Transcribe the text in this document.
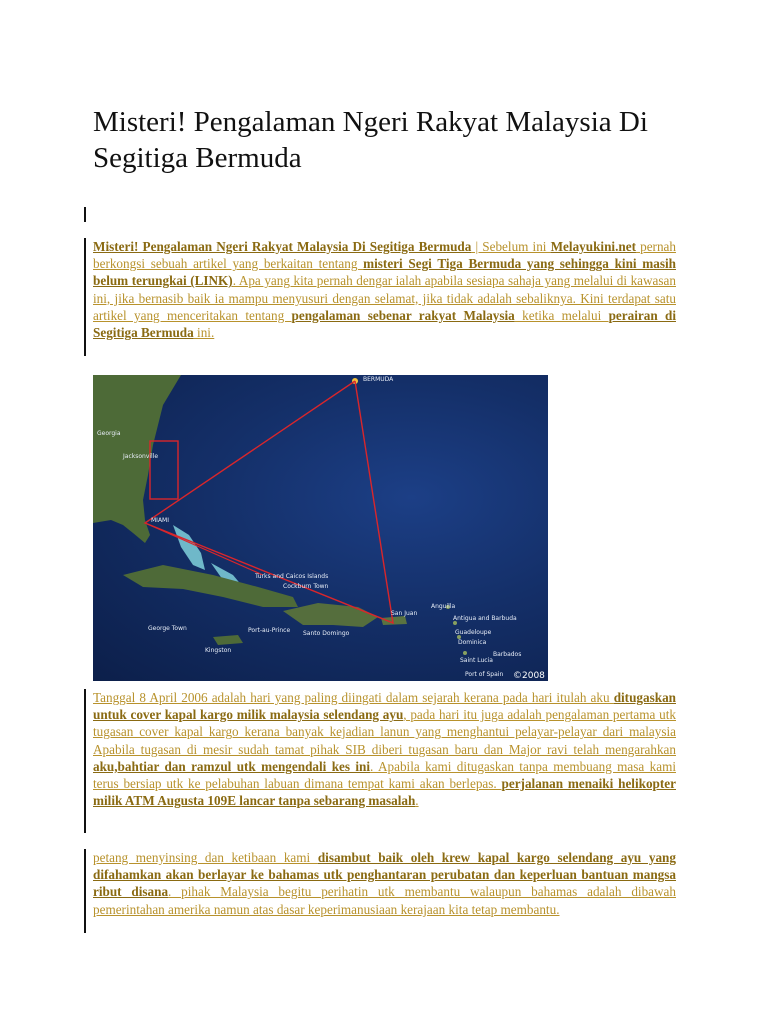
Misteri! Pengalaman Ngeri Rakyat Malaysia Di Segitiga Bermuda

Misteri! Pengalaman Ngeri Rakyat Malaysia Di Segitiga Bermuda | Sebelum ini Melayukini.net pernah berkongsi sebuah artikel yang berkaitan tentang misteri Segi Tiga Bermuda yang sehingga kini masih belum terungkai (LINK). Apa yang kita pernah dengar ialah apabila sesiapa sahaja yang melalui di kawasan ini, jika bernasib baik ia mampu menyusuri dengan selamat, jika tidak adalah sebaliknya. Kini terdapat satu artikel yang menceritakan tentang pengalaman sebenar rakyat Malaysia ketika melalui perairan di Segitiga Bermuda ini.

BERMUDA
MIAMI
Jacksonville
Georgia
Turks and Caicos Islands
Cockburn Town
San Juan
Santo Domingo
Port-au-Prince
George Town
Kingston
Anguilla
Antigua and Barbuda
Guadeloupe
Dominica
Saint Lucia
Barbados
Port of Spain ©2008

Tanggal 8 April 2006 adalah hari yang paling diingati dalam sejarah kerana pada hari itulah aku ditugaskan untuk cover kapal kargo milik malaysia selendang ayu, pada hari itu juga adalah pengalaman pertama utk tugasan cover kapal kargo kerana banyak kejadian lanun yang menghantui pelayar-pelayar dari malaysia Apabila tugasan di mesir sudah tamat pihak SIB diberi tugasan baru dan Major ravi telah mengarahkan aku,bahtiar dan ramzul utk mengendali kes ini. Apabila kami ditugaskan tanpa membuang masa kami terus bersiap utk ke pelabuhan labuan dimana tempat kami akan berlepas. perjalanan menaiki helikopter milik ATM Augusta 109E lancar tanpa sebarang masalah.

petang menyinsing dan ketibaan kami disambut baik oleh krew kapal kargo selendang ayu yang difahamkan akan berlayar ke bahamas utk penghantaran perubatan dan keperluan bantuan mangsa ribut disana. pihak Malaysia begitu perihatin utk membantu walaupun bahamas adalah dibawah pemerintahan amerika namun atas dasar keperimanusiaan kerajaan kita tetap membantu.
